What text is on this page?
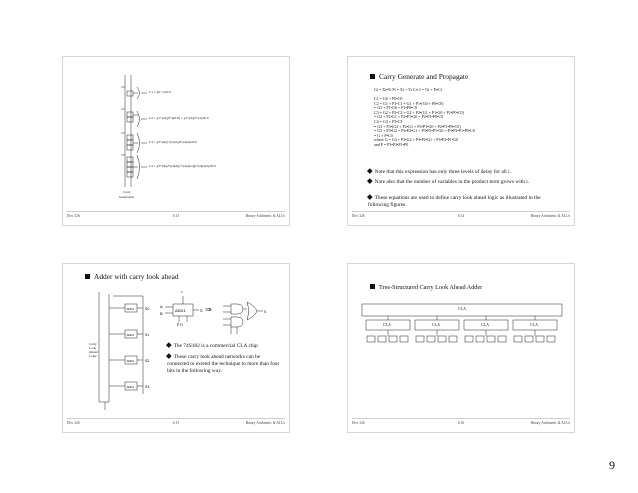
C1 = g0 + p0C0
C2 = g1+p1(g0+p0C0) = g1+p1g0+p1p0C0
C3 = g2+p2g1+p2p1g0+p2p1p0C0
C4 = g3+p3g2+p3p2g1+p3p2p1g0+p3p2p1p0C0
Carry
Generation
Elec 326	6.13	Binary Arithmetic & ALUs
Carry Generate and Propagate
Gi = Xi•Yi Pi = Xi + Yi Ci+1 = Gi + Pi•Ci
C1 = G0 + P0•C0
C2 = G1 + P1•C1 = G1 + P1•(G0 + P0•C0)
= G1 + P1•G0 + P1•P0•C0
C3 = G2 + P2•C2 = G2 + P2•(G1 + P1•G0 + P1•P0•C0)
= G2 + P2•G1 + P2•P1•G0 + P2•P1•P0•C0
C4 = G3 + P3•C3
= G3 + P3•(G2 + P2•G1 + P2•P1•G0 + P2•P1•P0•C0)
= G3 + P3•G2 + P3•P2•G1 + P3•P2•P1•G0 + P3•P2•P1•P0•C0
= G + P•C0
where G = G3 + P3•G2 + P3•P2•G1 + P3•P2•P1•G0
and P = P3•P2•P1•P0
Note that this expression has only three levels of delay for all i.
Note also that the number of variables in the product term grows with i.
These equations are used to define carry look ahead logic as illustrated in the following figures.
Elec 326	6.14	Binary Arithmetic & ALUs
Adder with carry look ahead
ADD1	S
A
B	S
S0
S1
S2
S3
ADD1
ADD1
ADD1
ADD1
C
P G
⇒
Carry
Look
Ahead
Logic
The 74S182 is a commercial CLA chip
These carry look ahead networks can be connected to extend the technique to more than four bits in the following way.
Elec 326	6.15	Binary Arithmetic & ALUs
Tree-Structured Carry Look Ahead Adder
CLA
CLA	CLA	CLA	CLA
Elec 326	6.16	Binary Arithmetic & ALUs
9
